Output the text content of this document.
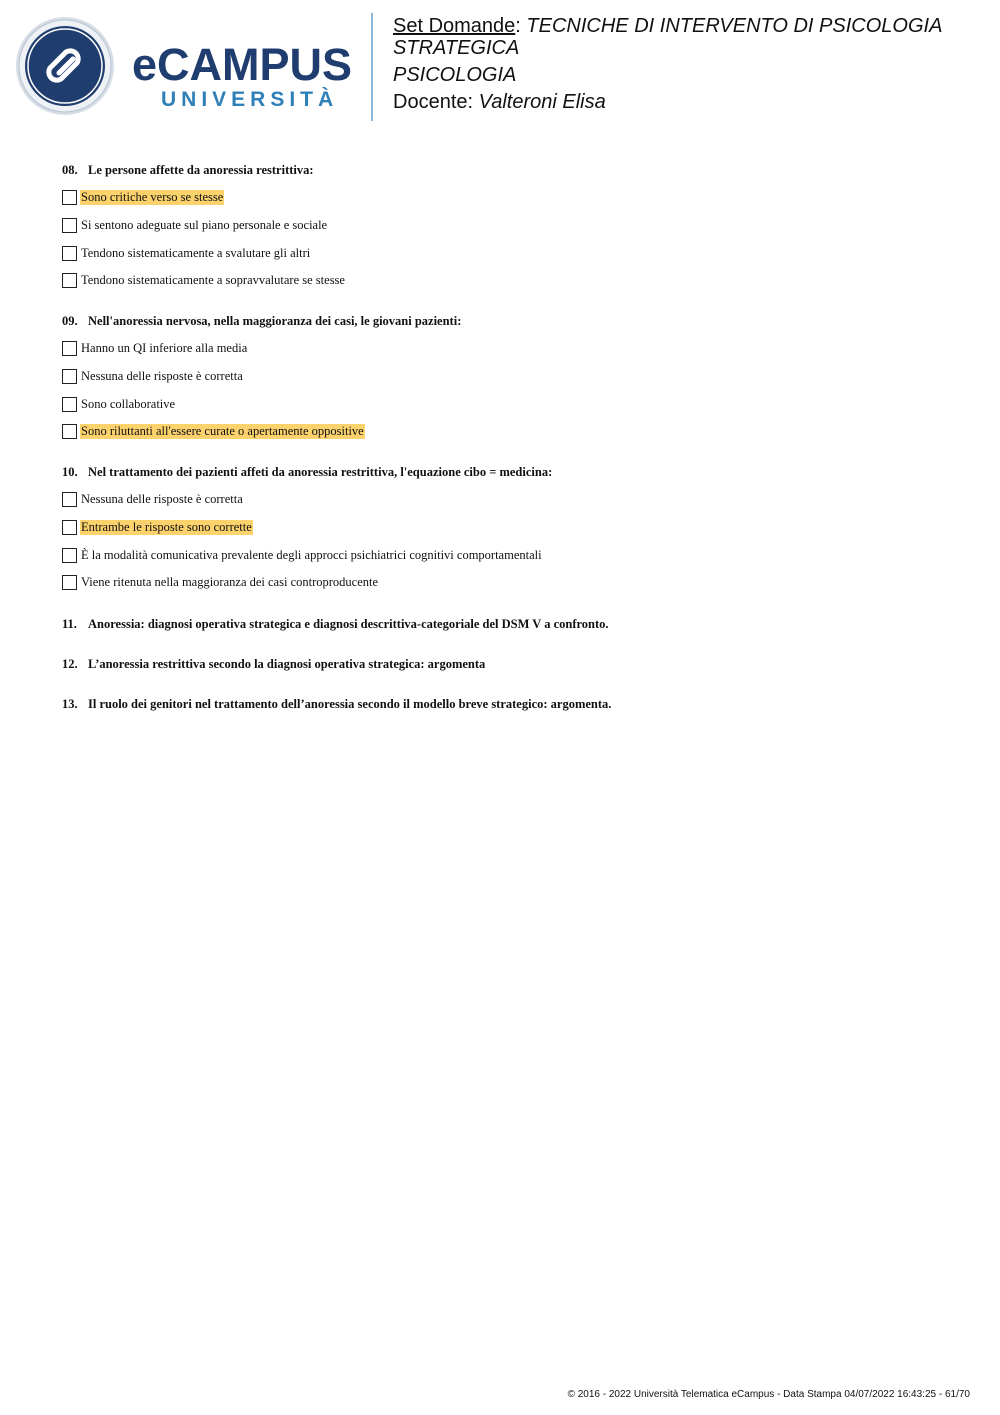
eCAMPUS
UNIVERSITÀ
Set Domande: TECNICHE DI INTERVENTO DI PSICOLOGIA STRATEGICA
PSICOLOGIA
Docente: Valteroni Elisa
08. Le persone affette da anoressia restrittiva:
Sono critiche verso se stesse
Si sentono adeguate sul piano personale e sociale
Tendono sistematicamente a svalutare gli altri
Tendono sistematicamente a sopravvalutare se stesse
09. Nell'anoressia nervosa, nella maggioranza dei casi, le giovani pazienti:
Hanno un QI inferiore alla media
Nessuna delle risposte è corretta
Sono collaborative
Sono riluttanti all'essere curate o apertamente oppositive
10. Nel trattamento dei pazienti affeti da anoressia restrittiva, l'equazione cibo = medicina:
Nessuna delle risposte è corretta
Entrambe le risposte sono corrette
È la modalità comunicativa prevalente degli approcci psichiatrici cognitivi comportamentali
Viene ritenuta nella maggioranza dei casi controproducente
11. Anoressia: diagnosi operativa strategica e diagnosi descrittiva-categoriale del DSM V a confronto.
12. L’anoressia restrittiva secondo la diagnosi operativa strategica: argomenta
13. Il ruolo dei genitori nel trattamento dell’anoressia secondo il modello breve strategico: argomenta.
© 2016 - 2022 Università Telematica eCampus - Data Stampa 04/07/2022 16:43:25 - 61/70
